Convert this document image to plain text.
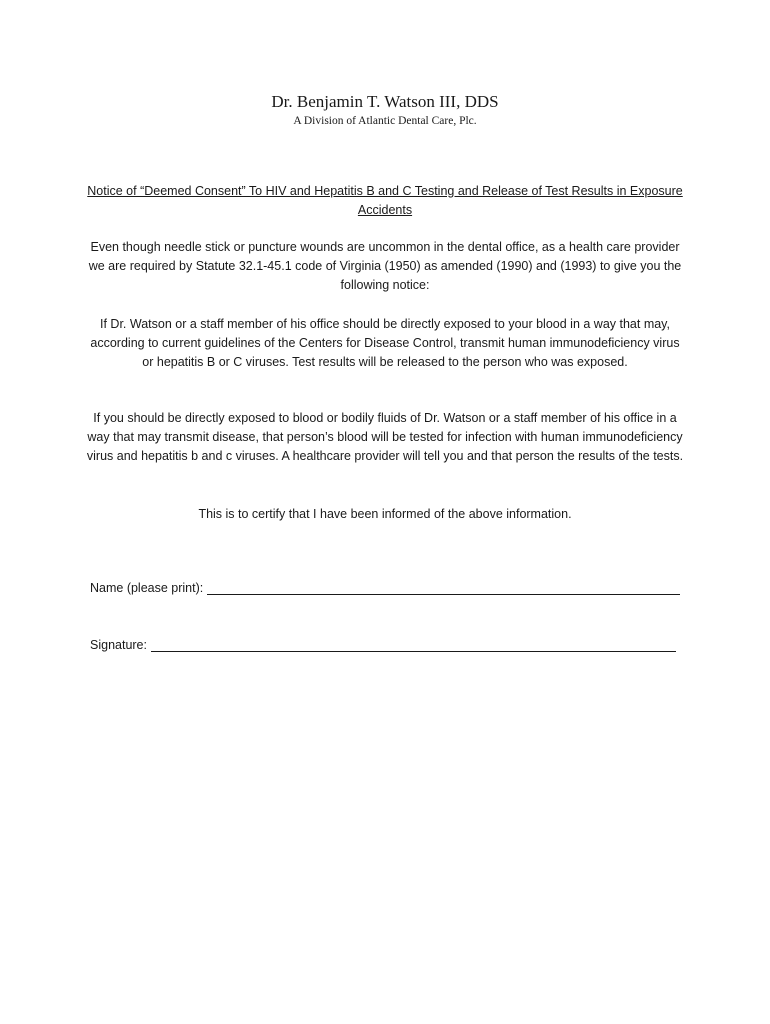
Dr. Benjamin T. Watson III, DDS

A Division of Atlantic Dental Care, Plc.

Notice of “Deemed Consent” To HIV and Hepatitis B and C Testing and Release of Test Results in Exposure Accidents

Even though needle stick or puncture wounds are uncommon in the dental office, as a health care provider we are required by Statute 32.1-45.1 code of Virginia (1950) as amended (1990) and (1993) to give you the following notice:

If Dr. Watson or a staff member of his office should be directly exposed to your blood in a way that may, according to current guidelines of the Centers for Disease Control, transmit human immunodeficiency virus or hepatitis B or C viruses. Test results will be released to the person who was exposed.

If you should be directly exposed to blood or bodily fluids of Dr. Watson or a staff member of his office in a way that may transmit disease, that person’s blood will be tested for infection with human immunodeficiency virus and hepatitis b and c viruses. A healthcare provider will tell you and that person the results of the tests.

This is to certify that I have been informed of the above information.

Name (please print):
Signature:
